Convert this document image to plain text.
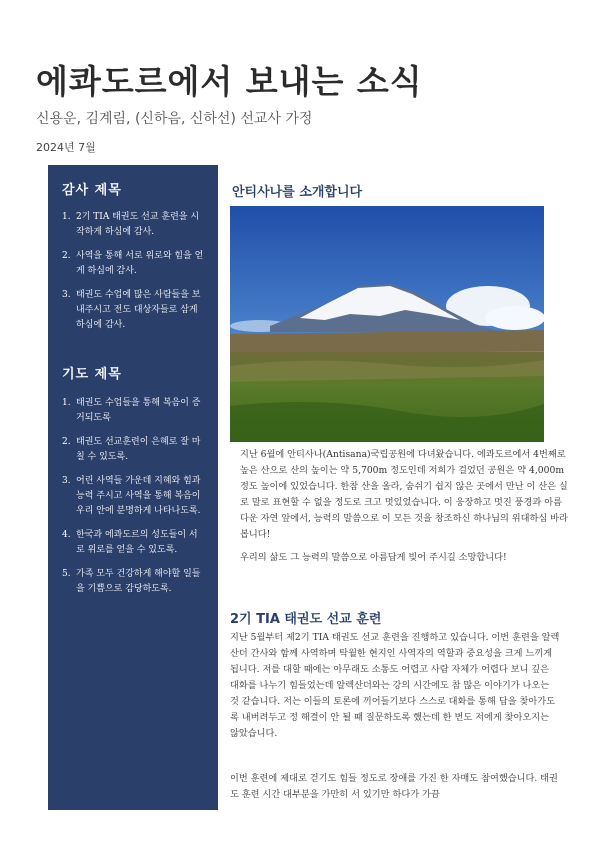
에콰도르에서 보내는 소식
신용운, 김계림, (신하음, 신하선) 선교사 가정
2024년 7월
감사 제목
1. 2기 TIA 태권도 선교 훈련을 시작하게 하심에 감사.
2. 사역을 통해 서로 위로와 힘을 얻게 하심에 감사.
3. 태권도 수업에 많은 사람들을 보내주시고 전도 대상자들로 삼게하심에 감사.
기도 제목
1. 태권도 수업들을 통해 복음이 증거되도록
2. 태권도 선교훈련이 은혜로 잘 마칠 수 있도록.
3. 어린 사역들 가운데 지혜와 힘과 능력 주시고 사역을 통해 복음이 우리 안에 분명하게 나타나도록.
4. 한국과 에콰도르의 성도들이 서로 위로를 얻을 수 있도록.
5. 가족 모두 건강하게 해야할 일들을 기쁨으로 감당하도록.
안티사나를 소개합니다
지난 6월에 안티사나(Antisana)국립공원에 다녀왔습니다. 에콰도르에서 4번째로 높은 산으로 산의 높이는 약 5,700m 정도인데 저희가 걸었던 공원은 약 4,000m 정도 높이에 있었습니다. 한참 산을 올라, 숨쉬기 쉽지 않은 곳에서 만난 이 산은 실로 말로 표현할 수 없을 정도로 크고 멋있었습니다. 이 웅장하고 멋진 풍경과 아름다운 자연 앞에서, 능력의 말씀으로 이 모든 것을 창조하신 하나님의 위대하심 바라봅니다!
우리의 삶도 그 능력의 말씀으로 아름답게 빚어 주시길 소망합니다!
2기 TIA 태권도 선교 훈련
지난 5월부터 제2기 TIA 태권도 선교 훈련을 진행하고 있습니다. 이번 훈련을 알렉산더 간사와 함께 사역하며 탁월한 현지인 사역자의 역할과 중요성을 크게 느끼게 됩니다. 저를 대할 때에는 아무래도 소통도 어렵고 사람 자체가 어렵다 보니 깊은 대화를 나누기 힘들었는데 알렉산더와는 강의 시간에도 참 많은 이야기가 나오는 것 같습니다. 저는 이들의 토론에 끼어들기보다 스스로 대화를 통해 답을 찾아가도록 내버려두고 정 해결이 안 될 때 질문하도록 했는데 한 번도 저에게 찾아오지는 않았습니다.
이번 훈련에 제대로 걷기도 힘들 정도로 장애를 가진 한 자매도 참여했습니다. 태권도 훈련 시간 대부분을 가만히 서 있기만 하다가 가끔
